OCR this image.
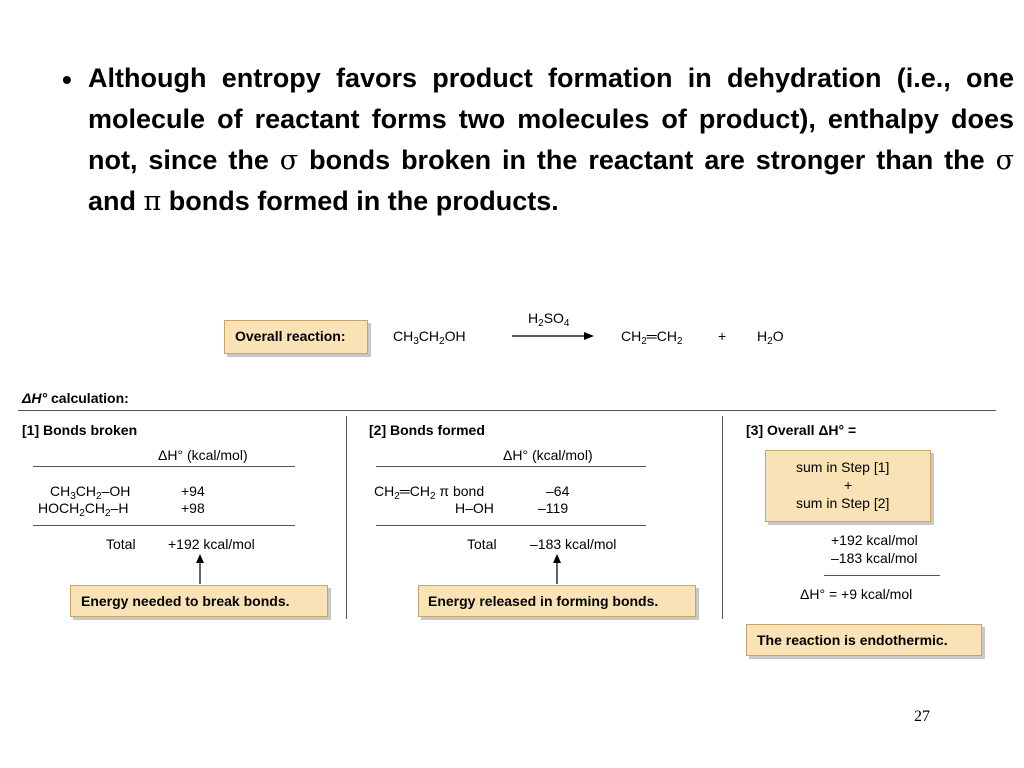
• Although entropy favors product formation in dehydration (i.e., one molecule of reactant forms two molecules of product), enthalpy does not, since the σ bonds broken in the reactant are stronger than the σ and π bonds formed in the products.
Overall reaction:	$CH_3CH_2OH$
$H_2SO_4$
$CH_2═CH_2$	+ $H_2O$
ΔH° calculation:
[1] Bonds broken
ΔH° (kcal/mol)
$CH_3CH_2-OH$	+94
$HOCH_2CH_2-H$	+98
Total +192 kcal/mol
Energy needed to break bonds.
[2] Bonds formed
ΔH° (kcal/mol)
$CH_2═CH_2$ π bond	–64
H–OH	–119
Total –183 kcal/mol
Energy released in forming bonds.
[3] Overall ΔH° =
sum in Step [1]
+
sum in Step [2]
+192 kcal/mol
–183 kcal/mol
ΔH° = +9 kcal/mol
The reaction is endothermic.
27
